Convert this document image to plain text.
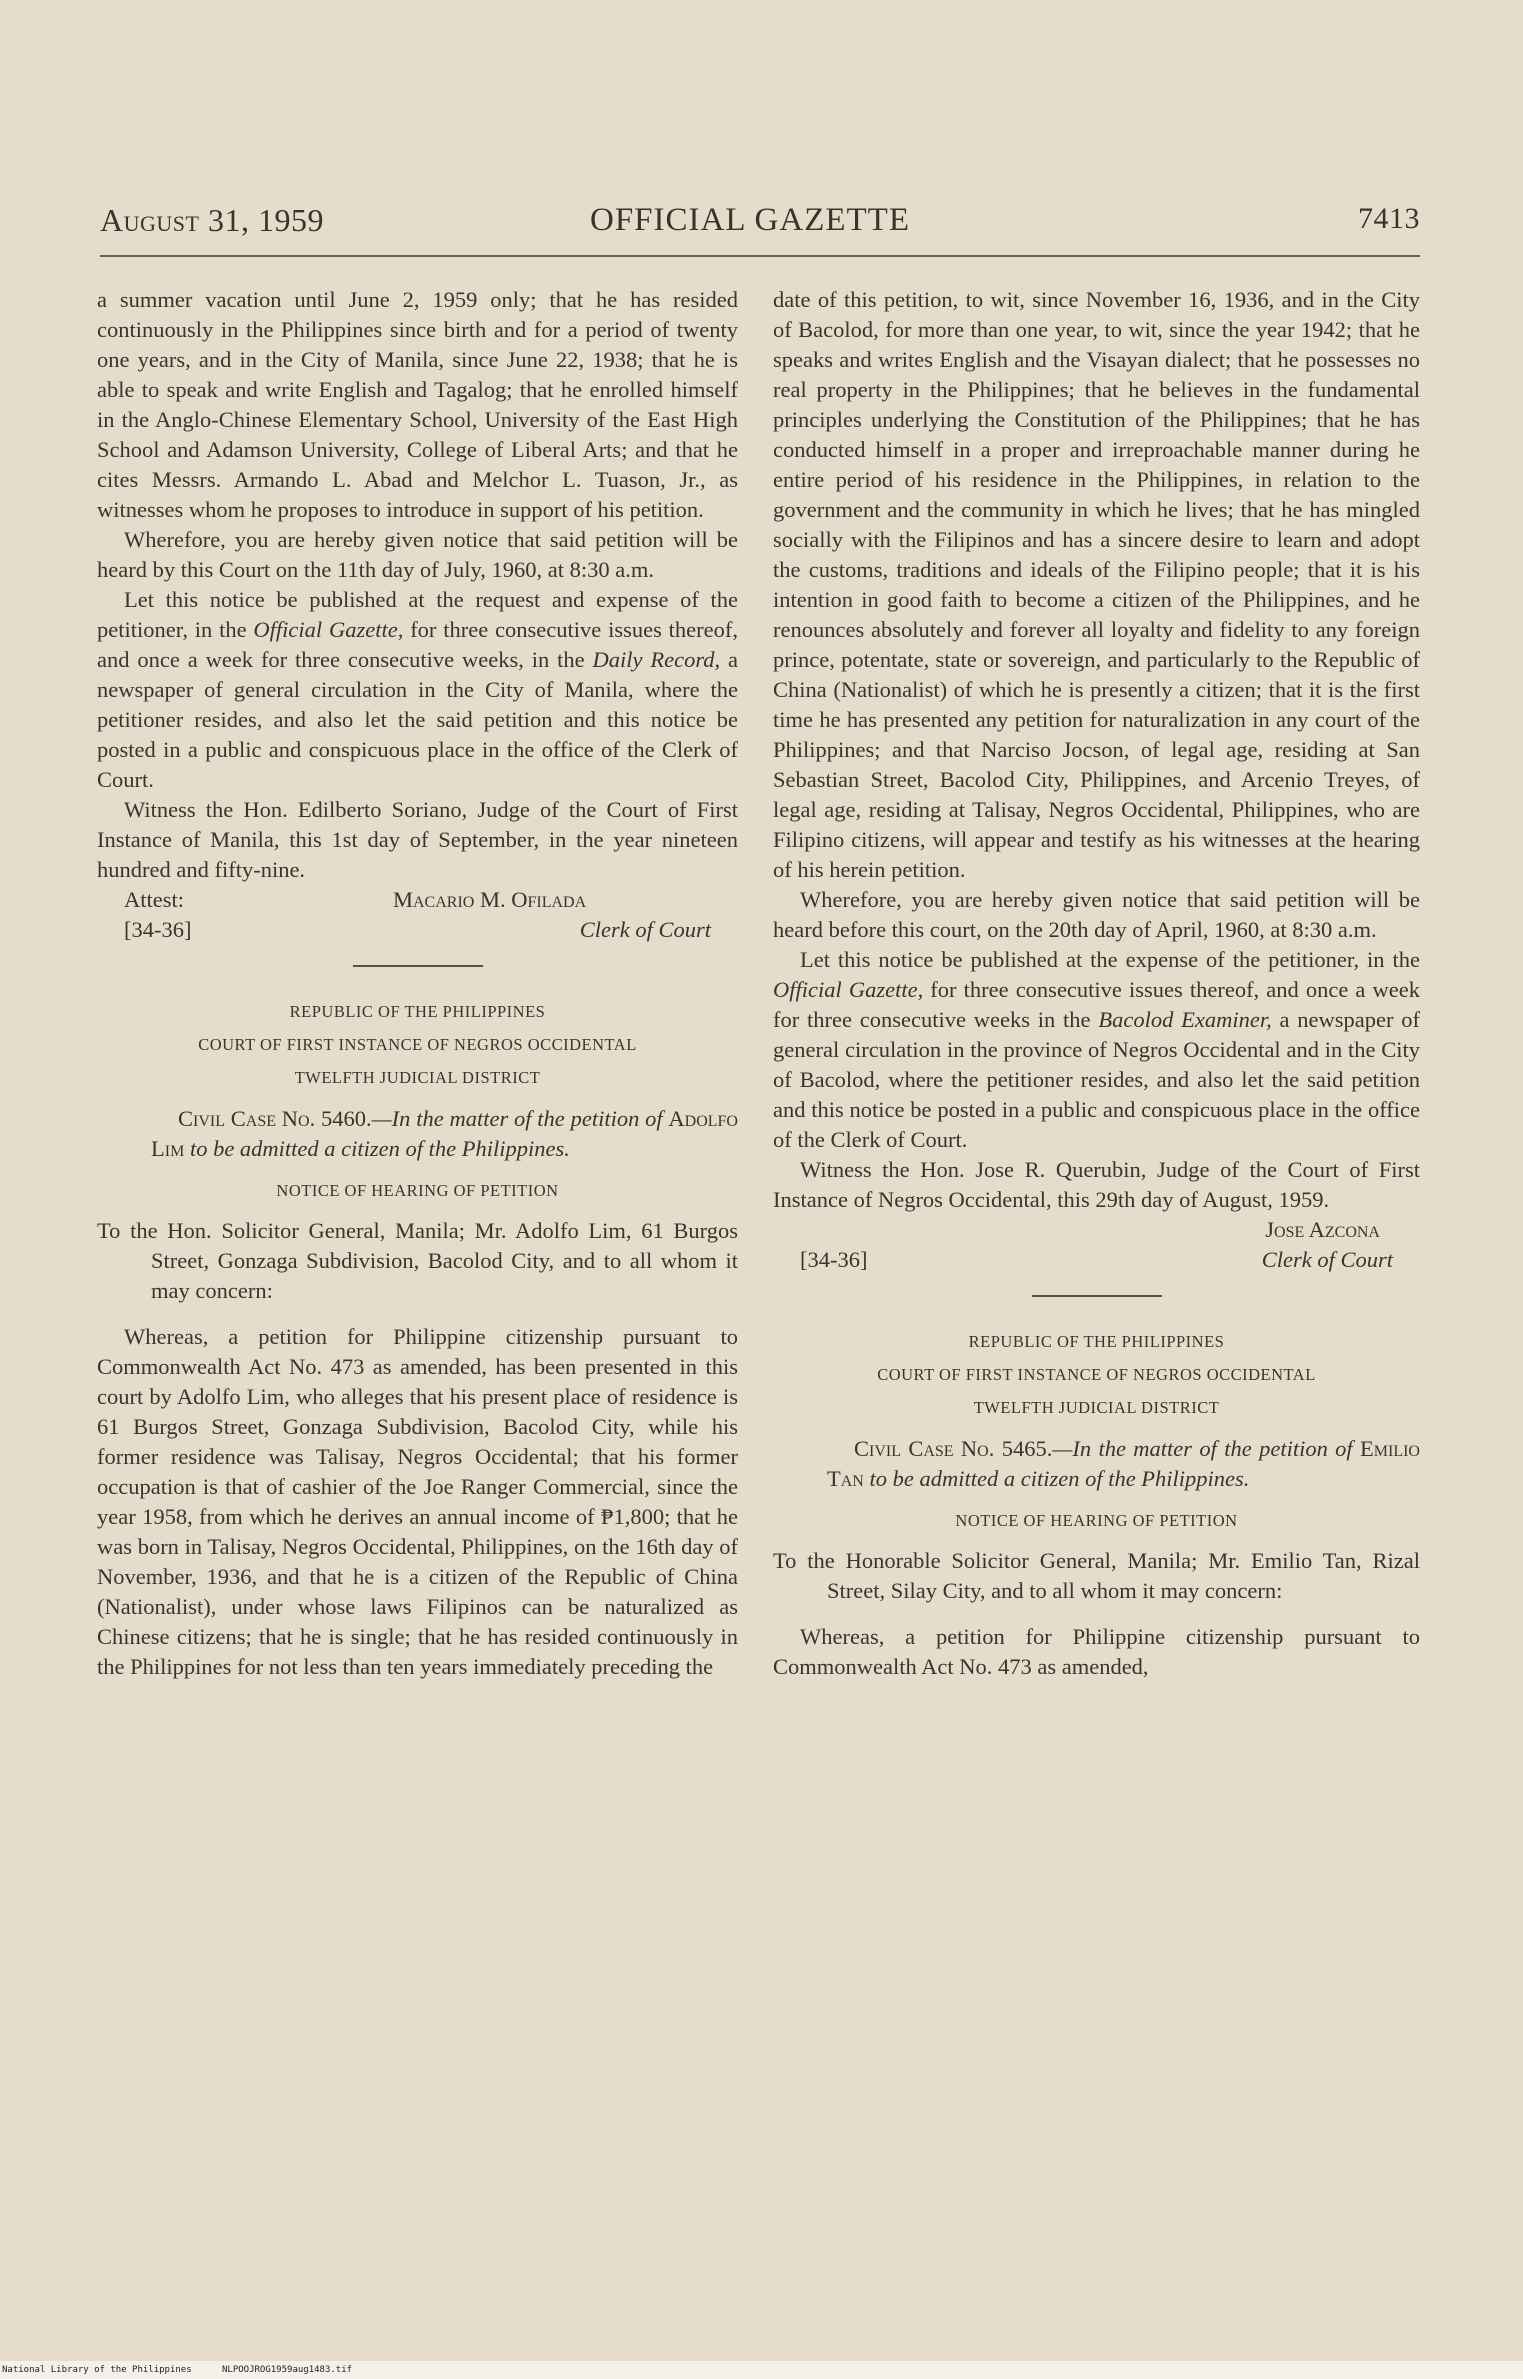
August 31, 1959	OFFICIAL GAZETTE	7413

a summer vacation until June 2, 1959 only; that he has resided continuously in the Philippines since birth and for a period of twenty one years, and in the City of Manila, since June 22, 1938; that he is able to speak and write English and Tagalog; that he enrolled himself in the Anglo-Chinese Elementary School, University of the East High School and Adamson University, College of Liberal Arts; and that he cites Messrs. Armando L. Abad and Melchor L. Tuason, Jr., as witnesses whom he proposes to introduce in support of his petition.

Wherefore, you are hereby given notice that said petition will be heard by this Court on the 11th day of July, 1960, at 8:30 a.m.

Let this notice be published at the request and expense of the petitioner, in the Official Gazette, for three consecutive issues thereof, and once a week for three consecutive weeks, in the Daily Record, a newspaper of general circulation in the City of Manila, where the petitioner resides, and also let the said petition and this notice be posted in a public and conspicuous place in the office of the Clerk of Court.

Witness the Hon. Edilberto Soriano, Judge of the Court of First Instance of Manila, this 1st day of September, in the year nineteen hundred and fifty-nine.

Attest:	Macario M. Ofilada
[34-36]	Clerk of Court
REPUBLIC OF THE PHILIPPINES
COURT OF FIRST INSTANCE OF NEGROS OCCIDENTAL
TWELFTH JUDICIAL DISTRICT

Civil Case No. 5460.—In the matter of the petition of Adolfo Lim to be admitted a citizen of the Philippines.

NOTICE OF HEARING OF PETITION

To the Hon. Solicitor General, Manila; Mr. Adolfo Lim, 61 Burgos Street, Gonzaga Subdivision, Bacolod City, and to all whom it may concern:

Whereas, a petition for Philippine citizenship pursuant to Commonwealth Act No. 473 as amended, has been presented in this court by Adolfo Lim, who alleges that his present place of residence is 61 Burgos Street, Gonzaga Subdivision, Bacolod City, while his former residence was Talisay, Negros Occidental; that his former occupation is that of cashier of the Joe Ranger Commercial, since the year 1958, from which he derives an annual income of ₱1,800; that he was born in Talisay, Negros Occidental, Philippines, on the 16th day of November, 1936, and that he is a citizen of the Republic of China (Nationalist), under whose laws Filipinos can be naturalized as Chinese citizens; that he is single; that he has resided continuously in the Philippines for not less than ten years immediately preceding the

date of this petition, to wit, since November 16, 1936, and in the City of Bacolod, for more than one year, to wit, since the year 1942; that he speaks and writes English and the Visayan dialect; that he possesses no real property in the Philippines; that he believes in the fundamental principles underlying the Constitution of the Philippines; that he has conducted himself in a proper and irreproachable manner during he entire period of his residence in the Philippines, in relation to the government and the community in which he lives; that he has mingled socially with the Filipinos and has a sincere desire to learn and adopt the customs, traditions and ideals of the Filipino people; that it is his intention in good faith to become a citizen of the Philippines, and he renounces absolutely and forever all loyalty and fidelity to any foreign prince, potentate, state or sovereign, and particularly to the Republic of China (Nationalist) of which he is presently a citizen; that it is the first time he has presented any petition for naturalization in any court of the Philippines; and that Narciso Jocson, of legal age, residing at San Sebastian Street, Bacolod City, Philippines, and Arcenio Treyes, of legal age, residing at Talisay, Negros Occidental, Philippines, who are Filipino citizens, will appear and testify as his witnesses at the hearing of his herein petition.

Wherefore, you are hereby given notice that said petition will be heard before this court, on the 20th day of April, 1960, at 8:30 a.m.

Let this notice be published at the expense of the petitioner, in the Official Gazette, for three consecutive issues thereof, and once a week for three consecutive weeks in the Bacolod Examiner, a newspaper of general circulation in the province of Negros Occidental and in the City of Bacolod, where the petitioner resides, and also let the said petition and this notice be posted in a public and conspicuous place in the office of the Clerk of Court.

Witness the Hon. Jose R. Querubin, Judge of the Court of First Instance of Negros Occidental, this 29th day of August, 1959.

Jose Azcona
[34-36]	Clerk of Court
REPUBLIC OF THE PHILIPPINES
COURT OF FIRST INSTANCE OF NEGROS OCCIDENTAL
TWELFTH JUDICIAL DISTRICT

Civil Case No. 5465.—In the matter of the petition of Emilio Tan to be admitted a citizen of the Philippines.

NOTICE OF HEARING OF PETITION

To the Honorable Solicitor General, Manila; Mr. Emilio Tan, Rizal Street, Silay City, and to all whom it may concern:

Whereas, a petition for Philippine citizenship pursuant to Commonwealth Act No. 473 as amended,

National Library of the Philippines	NLPOOJROG1959aug1483.tif
